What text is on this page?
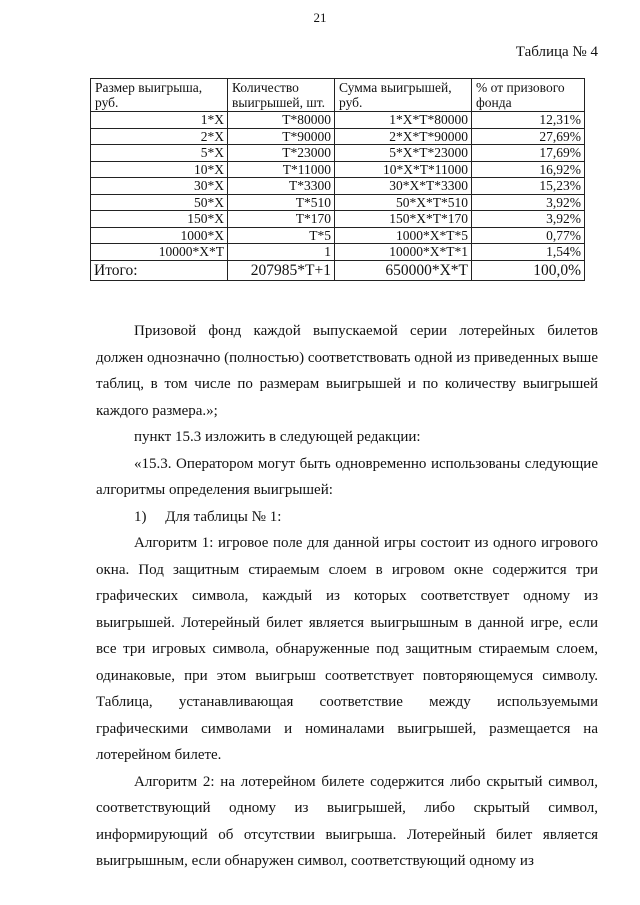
21
Таблица № 4
Размер выигрыша, руб.	Количество выигрышей, шт.	Сумма выигрышей, руб.	% от призового фонда
1*X	T*80000	1*X*T*80000	12,31%
2*X	T*90000	2*X*T*90000	27,69%
5*X	T*23000	5*X*T*23000	17,69%
10*X	T*11000	10*X*T*11000	16,92%
30*X	T*3300	30*X*T*3300	15,23%
50*X	T*510	50*X*T*510	3,92%
150*X	T*170	150*X*T*170	3,92%
1000*X	T*5	1000*X*T*5	0,77%
10000*X*T	1	10000*X*T*1	1,54%
Итого:	207985*T+1	650000*X*T	100,0%

Призовой фонд каждой выпускаемой серии лотерейных билетов должен однозначно (полностью) соответствовать одной из приведенных выше таблиц, в том числе по размерам выигрышей и по количеству выигрышей каждого размера.»;

пункт 15.3 изложить в следующей редакции:

«15.3. Оператором могут быть одновременно использованы следующие алгоритмы определения выигрышей:

1)  Для таблицы № 1:

Алгоритм 1: игровое поле для данной игры состоит из одного игрового окна. Под защитным стираемым слоем в игровом окне содержится три графических символа, каждый из которых соответствует одному из выигрышей. Лотерейный билет является выигрышным в данной игре, если все три игровых символа, обнаруженные под защитным стираемым слоем, одинаковые, при этом выигрыш соответствует повторяющемуся символу. Таблица, устанавливающая соответствие между используемыми графическими символами и номиналами выигрышей, размещается на лотерейном билете.

Алгоритм 2: на лотерейном билете содержится либо скрытый символ, соответствующий одному из выигрышей, либо скрытый символ, информирующий об отсутствии выигрыша. Лотерейный билет является выигрышным, если обнаружен символ, соответствующий одному из
